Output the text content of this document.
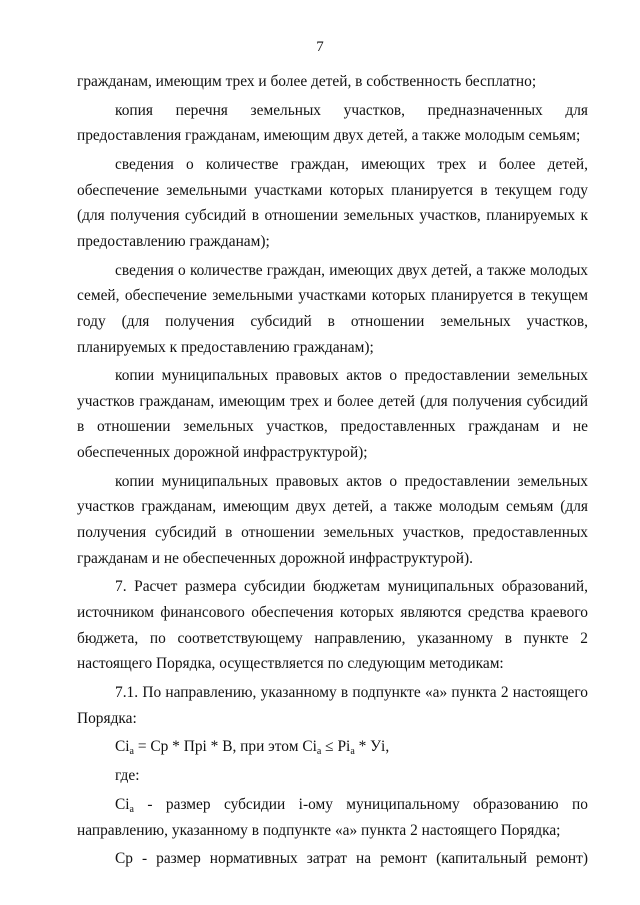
7

гражданам, имеющим трех и более детей, в собственность бесплатно;

копия перечня земельных участков, предназначенных для предоставления гражданам, имеющим двух детей, а также молодым семьям;

сведения о количестве граждан, имеющих трех и более детей, обеспечение земельными участками которых планируется в текущем году (для получения субсидий в отношении земельных участков, планируемых к предоставлению гражданам);

сведения о количестве граждан, имеющих двух детей, а также молодых семей, обеспечение земельными участками которых планируется в текущем году (для получения субсидий в отношении земельных участков, планируемых к предоставлению гражданам);

копии муниципальных правовых актов о предоставлении земельных участков гражданам, имеющим трех и более детей (для получения субсидий в отношении земельных участков, предоставленных гражданам и не обеспеченных дорожной инфраструктурой);

копии муниципальных правовых актов о предоставлении земельных участков гражданам, имеющим двух детей, а также молодым семьям (для получения субсидий в отношении земельных участков, предоставленных гражданам и не обеспеченных дорожной инфраструктурой).

7. Расчет размера субсидии бюджетам муниципальных образований, источником финансового обеспечения которых являются средства краевого бюджета, по соответствующему направлению, указанному в пункте 2 настоящего Порядка, осуществляется по следующим методикам:

7.1. По направлению, указанному в подпункте «а» пункта 2 настоящего Порядка:

$Ci_а$ = Ср * Прі * В, при этом $Ci_а \le Pi_а$ * Уi,

где:

$Ci_а$ - размер субсидии i-ому муниципальному образованию по направлению, указанному в подпункте «а» пункта 2 настоящего Порядка;

Ср - размер нормативных затрат на ремонт (капитальный ремонт)
